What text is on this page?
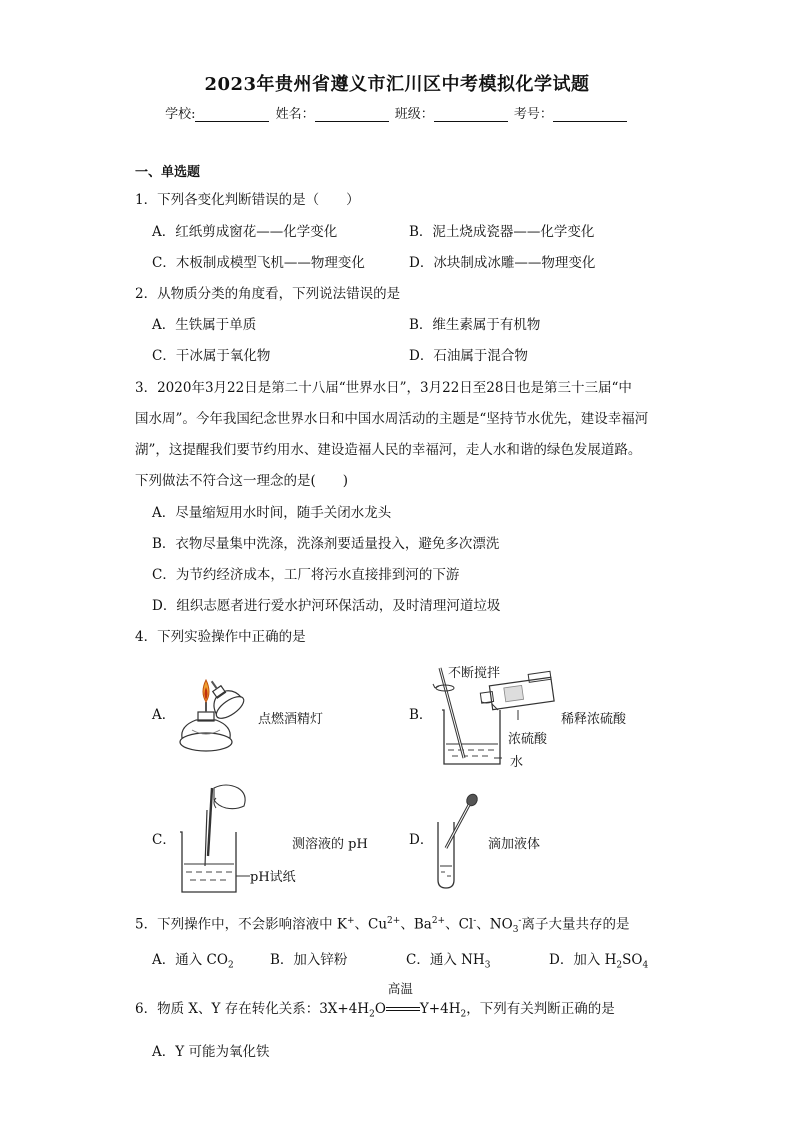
2023年贵州省遵义市汇川区中考模拟化学试题
学校:	姓名：	班级：	考号：
一、单选题
1．下列各变化判断错误的是（　　）
A．红纸剪成窗花——化学变化	B．泥土烧成瓷器——化学变化
C．木板制成模型飞机——物理变化	D．冰块制成冰雕——物理变化
2．从物质分类的角度看，下列说法错误的是
A．生铁属于单质	B．维生素属于有机物
C．干冰属于氧化物	D．石油属于混合物
3．2020年3月22日是第二十八届“世界水日”，3月22日至28日也是第三十三届“中
国水周”。今年我国纪念世界水日和中国水周活动的主题是“坚持节水优先，建设幸福河
湖”，这提醒我们要节约用水、建设造福人民的幸福河，走人水和谐的绿色发展道路。
下列做法不符合这一理念的是(　　)
A．尽量缩短用水时间，随手关闭水龙头
B．衣物尽量集中洗涤，洗涤剂要适量投入，避免多次漂洗
C．为节约经济成本，工厂将污水直接排到河的下游
D．组织志愿者进行爱水护河环保活动，及时清理河道垃圾
4．下列实验操作中正确的是
A．	点燃酒精灯	B．
不断搅拌
稀释浓硫酸
浓硫酸
水
C．	测溶液的 pH
pH试纸
D．	滴加液体
5．下列操作中，不会影响溶液中 K+、$Cu^{2+}$、$Ba^{2+}$、Cl-、$NO_3^-$离子大量共存的是
A．通入 $CO_2$	B．加入锌粉	C．通入 $NH_3$	D．加入 $H_2SO_4$
6．物质 X、Y 存在转化关系：$3X+4H_2O$
高温
$Y+4H_2$，下列有关判断正确的是
A．Y 可能为氧化铁
